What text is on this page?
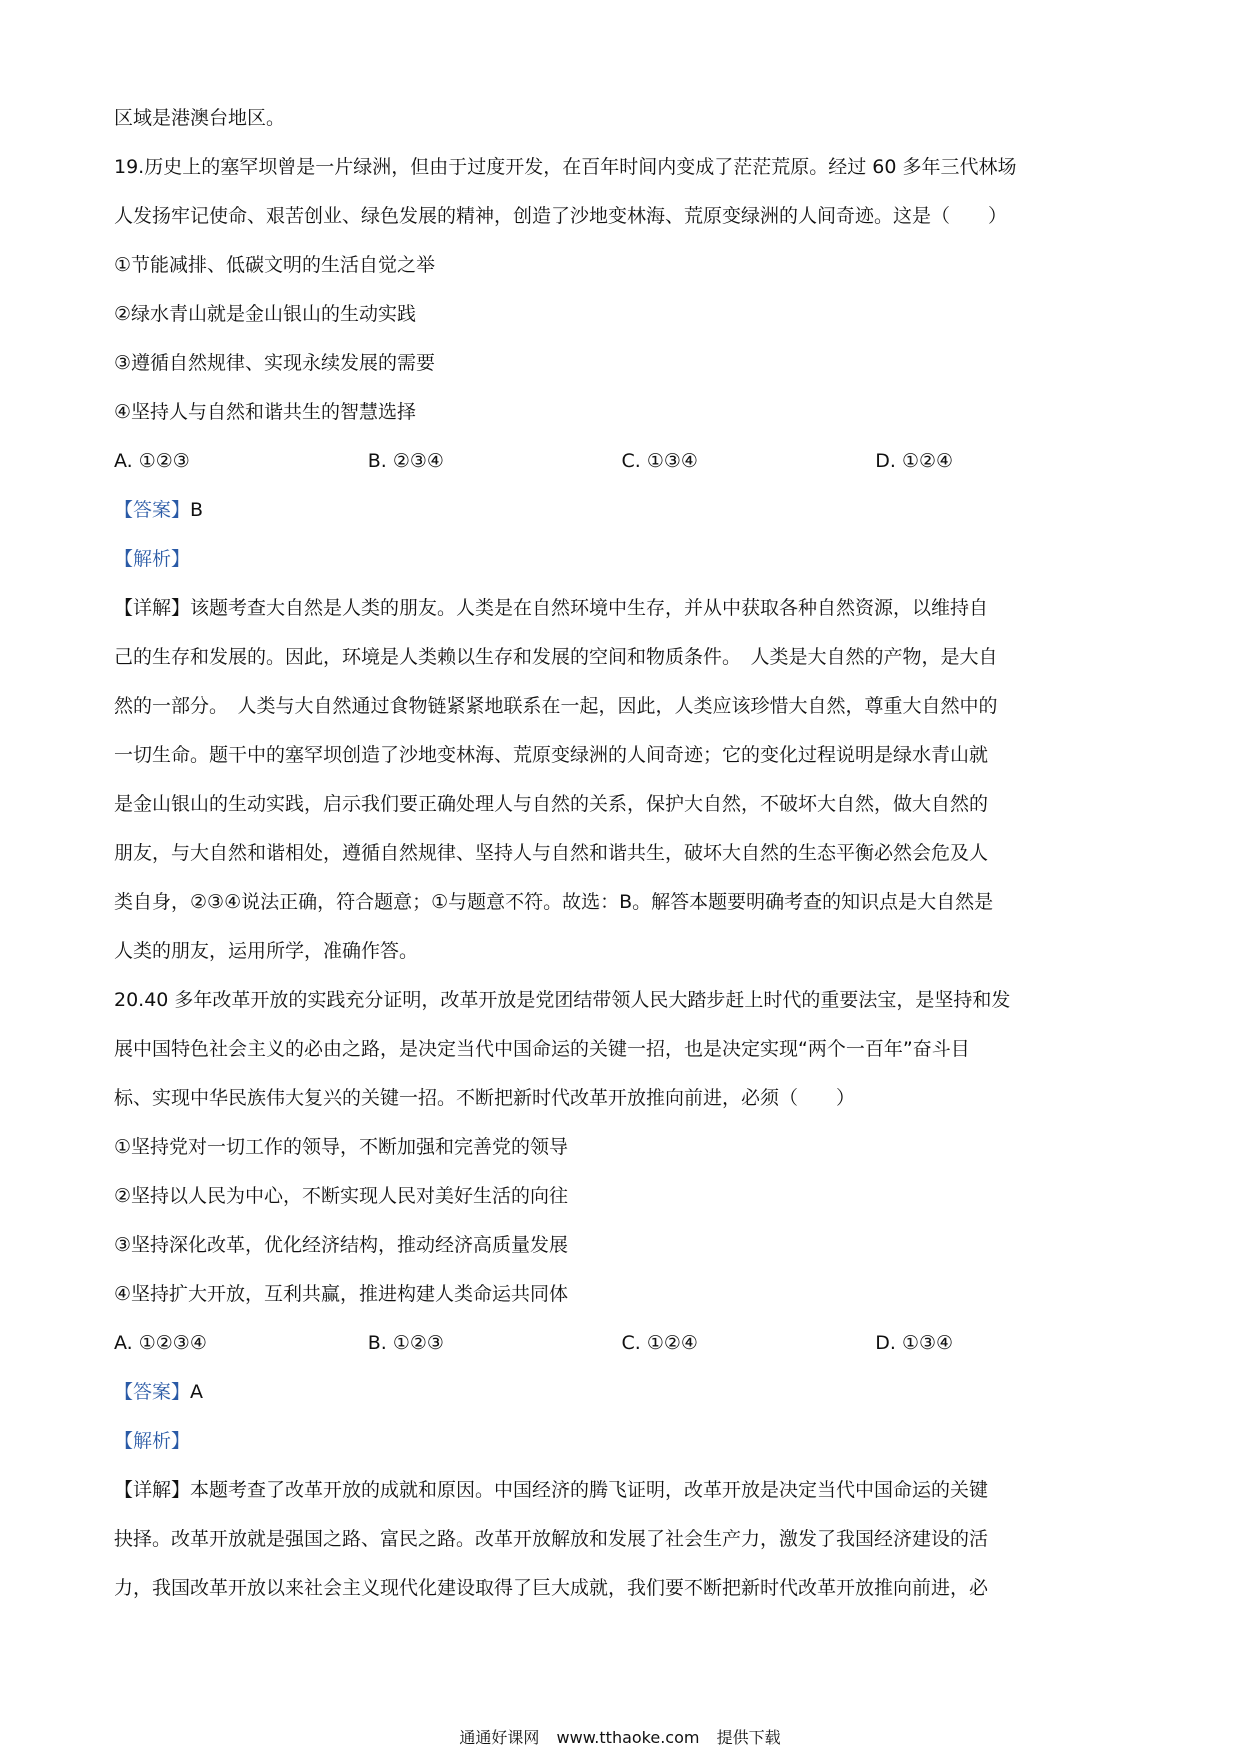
区域是港澳台地区。
19.历史上的塞罕坝曾是一片绿洲，但由于过度开发，在百年时间内变成了茫茫荒原。经过 60 多年三代林场
人发扬牢记使命、艰苦创业、绿色发展的精神，创造了沙地变林海、荒原变绿洲的人间奇迹。这是（　　）
①节能减排、低碳文明的生活自觉之举
②绿水青山就是金山银山的生动实践
③遵循自然规律、实现永续发展的需要
④坚持人与自然和谐共生的智慧选择
A. ①②③	B. ②③④	C. ①③④	D. ①②④
【答案】B
【解析】
【详解】该题考查大自然是人类的朋友。人类是在自然环境中生存，并从中获取各种自然资源，以维持自
己的生存和发展的。因此，环境是人类赖以生存和发展的空间和物质条件。　人类是大自然的产物，是大自
然的一部分。　人类与大自然通过食物链紧紧地联系在一起，因此，人类应该珍惜大自然，尊重大自然中的
一切生命。题干中的塞罕坝创造了沙地变林海、荒原变绿洲的人间奇迹；它的变化过程说明是绿水青山就
是金山银山的生动实践，启示我们要正确处理人与自然的关系，保护大自然，不破坏大自然，做大自然的
朋友，与大自然和谐相处，遵循自然规律、坚持人与自然和谐共生，破坏大自然的生态平衡必然会危及人
类自身，②③④说法正确，符合题意；①与题意不符。故选：B。解答本题要明确考查的知识点是大自然是
人类的朋友，运用所学，准确作答。
20.40 多年改革开放的实践充分证明，改革开放是党团结带领人民大踏步赶上时代的重要法宝，是坚持和发
展中国特色社会主义的必由之路，是决定当代中国命运的关键一招，也是决定实现“两个一百年”奋斗目
标、实现中华民族伟大复兴的关键一招。不断把新时代改革开放推向前进，必须（　　）
①坚持党对一切工作的领导，不断加强和完善党的领导
②坚持以人民为中心，不断实现人民对美好生活的向往
③坚持深化改革，优化经济结构，推动经济高质量发展
④坚持扩大开放，互利共赢，推进构建人类命运共同体
A. ①②③④	B. ①②③	C. ①②④	D. ①③④
【答案】A
【解析】
【详解】本题考查了改革开放的成就和原因。中国经济的腾飞证明，改革开放是决定当代中国命运的关键
抉择。改革开放就是强国之路、富民之路。改革开放解放和发展了社会生产力，激发了我国经济建设的活
力，我国改革开放以来社会主义现代化建设取得了巨大成就，我们要不断把新时代改革开放推向前进，必
通通好课网 www.tthaoke.com 提供下载
